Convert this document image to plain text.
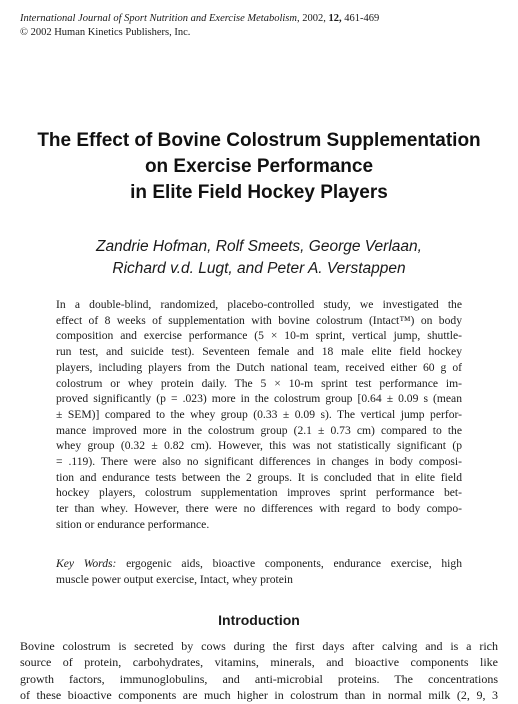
International Journal of Sport Nutrition and Exercise Metabolism, 2002, 12, 461-469
© 2002 Human Kinetics Publishers, Inc.
The Effect of Bovine Colostrum Supplementation
on Exercise Performance
in Elite Field Hockey Players
Zandrie Hofman, Rolf Smeets, George Verlaan,
Richard v.d. Lugt, and Peter A. Verstappen
In a double-blind, randomized, placebo-controlled study, we investigated the
effect of 8 weeks of supplementation with bovine colostrum (Intact™) on body
composition and exercise performance (5 × 10-m sprint, vertical jump, shuttle-
run test, and suicide test). Seventeen female and 18 male elite field hockey
players, including players from the Dutch national team, received either 60 g of
colostrum or whey protein daily. The 5 × 10-m sprint test performance im-
proved significantly (p = .023) more in the colostrum group [0.64 ± 0.09 s (mean
± SEM)] compared to the whey group (0.33 ± 0.09 s). The vertical jump perfor-
mance improved more in the colostrum group (2.1 ± 0.73 cm) compared to the
whey group (0.32 ± 0.82 cm). However, this was not statistically significant (p
= .119). There were also no significant differences in changes in body composi-
tion and endurance tests between the 2 groups. It is concluded that in elite field
hockey players, colostrum supplementation improves sprint performance bet-
ter than whey. However, there were no differences with regard to body compo-
sition or endurance performance.
Key Words: ergogenic aids, bioactive components, endurance exercise, high
muscle power output exercise, Intact, whey protein
Introduction
Bovine colostrum is secreted by cows during the first days after calving and is a rich
source of protein, carbohydrates, vitamins, minerals, and bioactive components like
growth factors, immunoglobulins, and anti-microbial proteins. The concentrations
of these bioactive components are much higher in colostrum than in normal milk (2, 9, 3
